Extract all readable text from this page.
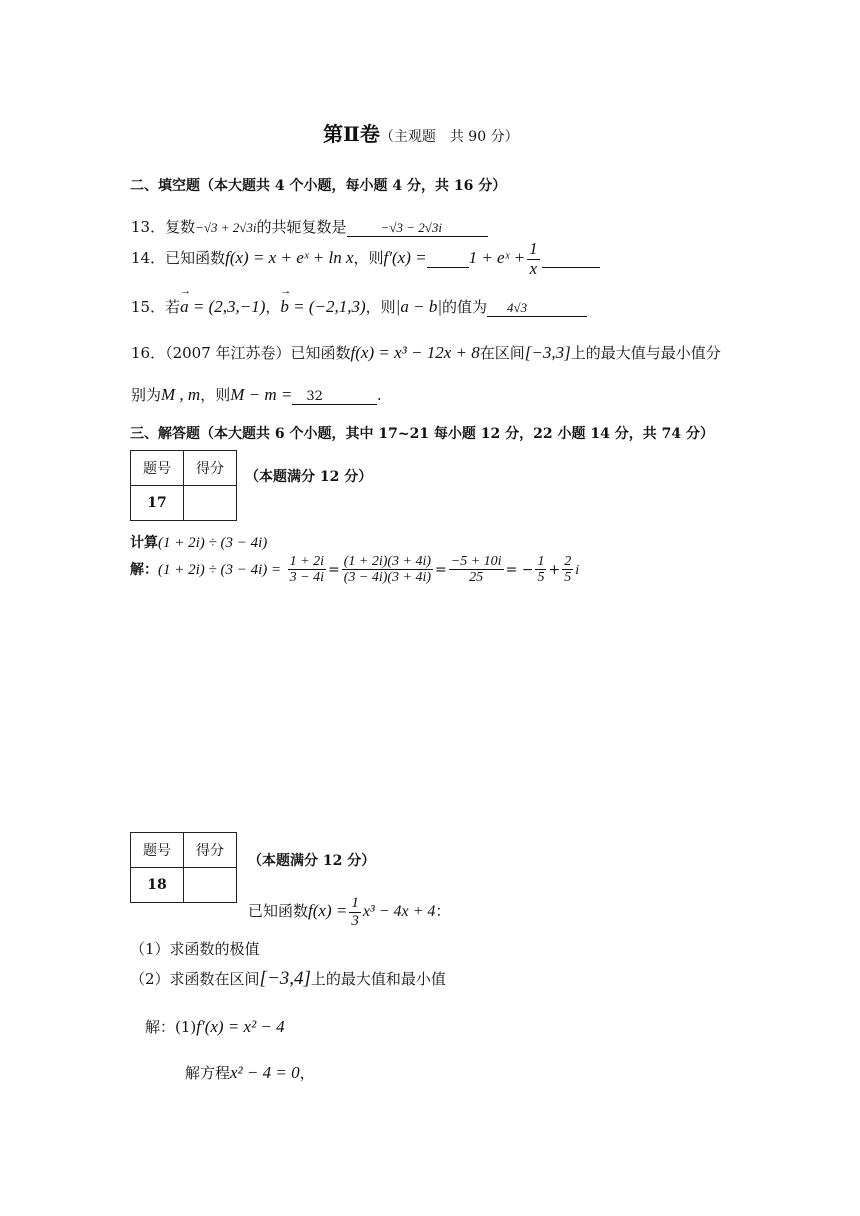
第Ⅱ卷（主观题　共 90 分）
二、填空题（本大题共 4 个小题，每小题 4 分，共 16 分）
13．复数−√3 + 2√3i的共轭复数是	−√3 − 2√3i
14．已知函数f(x) = x + eˣ + ln x，则f′(x) = 1 + eˣ + $\frac{1}{x}$

15．若→ a = (2,3,−1)，→ b = (−2,1,3)，则|a − b|的值为 4√3
16．（2007 年江苏卷）已知函数f(x) = x³ − 12x + 8在区间[−3,3]上的最大值与最小值分
别为M , m，则M − m = 32	.
三、解答题（本大题共 6 个小题，其中 17~21 每小题 12 分，22 小题 14 分，共 74 分）
题号	得分
17	
（本题满分 12 分）
计算(1 + 2i) ÷ (3 − 4i)
解：$(1 + 2i) \div (3 - 4i) = \frac{1 + 2i}{3 - 4i} = \frac{(1 + 2i)(3 + 4i)}{(3 - 4i)(3 + 4i)} = \frac{-5 + 10i}{25}$ = − $\frac{1}{5} + \frac{2}{5}$ i
题号	得分
18	
（本题满分 12 分）
已知函数$f(x) = \frac{1}{3} x^3 - 4x + 4$：
（1）求函数的极值
（2）求函数在区间[−3,4]上的最大值和最小值
解：(1)f′(x) = x² − 4
解方程x² − 4 = 0，
